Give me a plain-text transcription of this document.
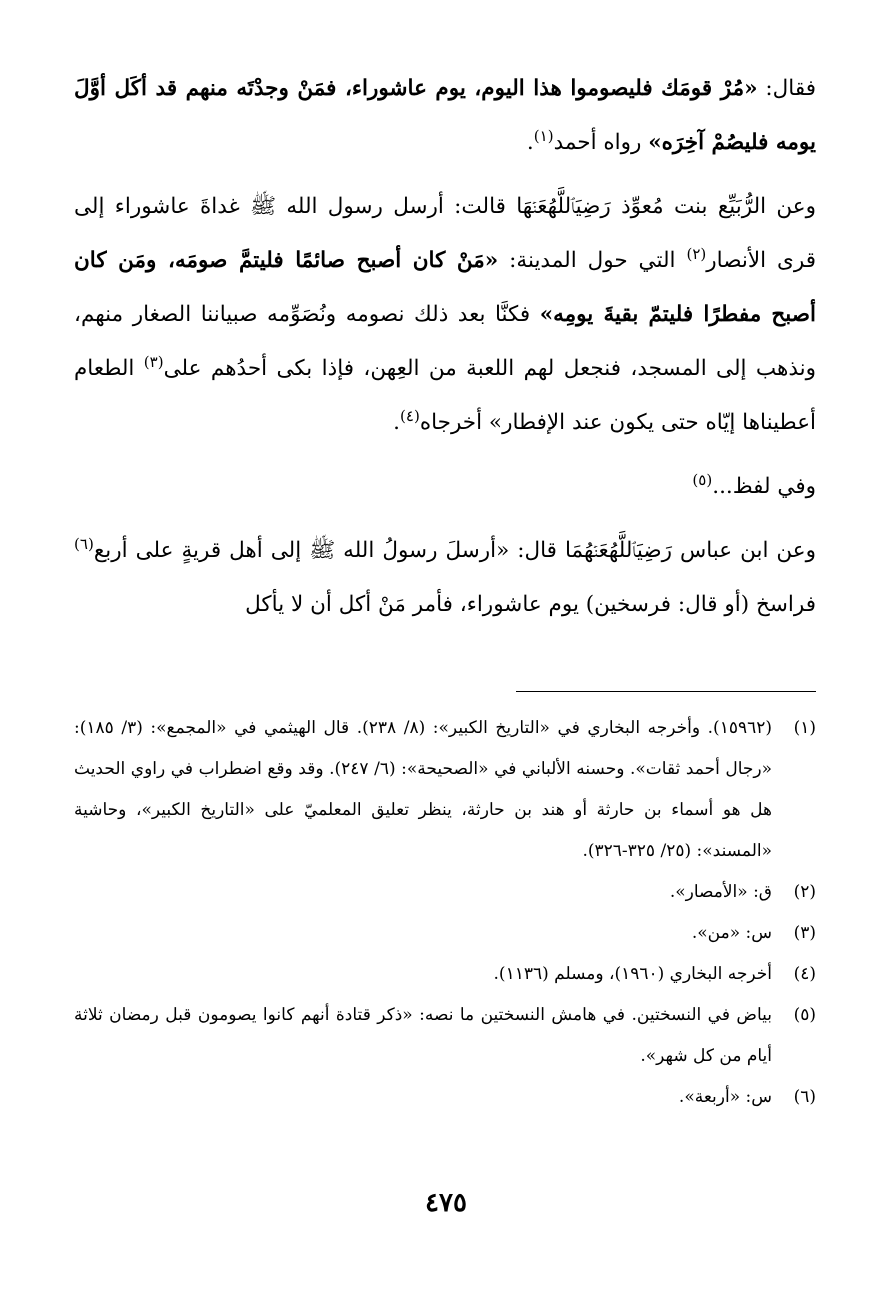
فقال: «مُرْ قومَك فليصوموا هذا اليوم، يوم عاشوراء، فمَنْ وجدْتَه منهم قد أكَل أوَّلَ يومه فليصُمْ آخِرَه» رواه أحمد$^{(١)}$.

وعن الرُّبَيِّع بنت مُعوِّذ رَضِيَٱللَّهُعَنۡهَا قالت: أرسل رسول الله ﷺ غداةَ عاشوراء إلى قرى الأنصار$^{(٢)}$ التي حول المدينة: «مَنْ كان أصبح صائمًا فليتمَّ صومَه، ومَن كان أصبح مفطرًا فليتمّ بقيةَ يومِه» فكنَّا بعد ذلك نصومه ونُصَوِّمه صبياننا الصغار منهم، ونذهب إلى المسجد، فنجعل لهم اللعبة من العِهن، فإذا بكى أحدُهم على$^{(٣)}$ الطعام أعطيناها إيّاه حتى يكون عند الإفطار» أخرجاه$^{(٤)}$.

وفي لفظ...$^{(٥)}$

وعن ابن عباس رَضِيَٱللَّهُعَنۡهُمَا قال: «أرسلَ رسولُ الله ﷺ إلى أهل قريةٍ على أربع$^{(٦)}$ فراسخ (أو قال: فرسخين) يوم عاشوراء، فأمر مَنْ أكل أن لا يأكل

(١)
(١٥٩٦٢). وأخرجه البخاري في «التاريخ الكبير»: (٨/ ٢٣٨). قال الهيثمي في «المجمع»: (٣/ ١٨٥): «رجال أحمد ثقات». وحسنه الألباني في «الصحيحة»: (٦/ ٢٤٧). وقد وقع اضطراب في راوي الحديث هل هو أسماء بن حارثة أو هند بن حارثة، ينظر تعليق المعلميّ على «التاريخ الكبير»، وحاشية «المسند»: (٢٥/ ٣٢٥-٣٢٦).
(٢)
ق: «الأمصار».
(٣)
س: «من».
(٤)
أخرجه البخاري (١٩٦٠)، ومسلم (١١٣٦).
(٥)
بياض في النسختين. في هامش النسختين ما نصه: «ذكر قتادة أنهم كانوا يصومون قبل رمضان ثلاثة أيام من كل شهر».
(٦)
س: «أربعة».
٤٧٥
